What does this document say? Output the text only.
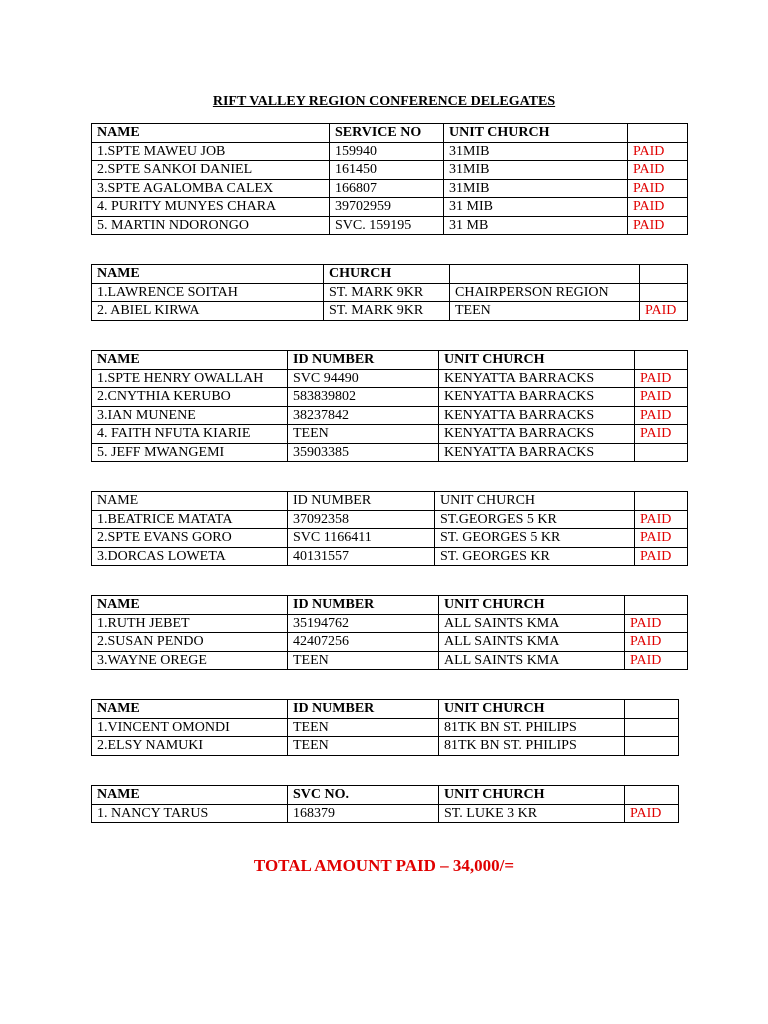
RIFT VALLEY REGION CONFERENCE DELEGATES
NAME	SERVICE NO	UNIT CHURCH	
1.SPTE MAWEU JOB	159940	31MIB	PAID
2.SPTE SANKOI DANIEL	161450	31MIB	PAID
3.SPTE AGALOMBA CALEX	166807	31MIB	PAID
4. PURITY MUNYES CHARA	39702959	31 MIB	PAID
5. MARTIN NDORONGO	SVC. 159195	31 MB	PAID
NAME	CHURCH		
1.LAWRENCE SOITAH	ST. MARK 9KR	CHAIRPERSON REGION	
2. ABIEL KIRWA	ST. MARK 9KR	TEEN	PAID
NAME	ID NUMBER	UNIT CHURCH	
1.SPTE HENRY OWALLAH	SVC 94490	KENYATTA BARRACKS	PAID
2.CNYTHIA KERUBO	583839802	KENYATTA BARRACKS	PAID
3.IAN MUNENE	38237842	KENYATTA BARRACKS	PAID
4. FAITH NFUTA KIARIE	TEEN	KENYATTA BARRACKS	PAID
5. JEFF MWANGEMI	35903385	KENYATTA BARRACKS	
NAME	ID NUMBER	UNIT CHURCH	
1.BEATRICE MATATA	37092358	ST.GEORGES 5 KR	PAID
2.SPTE EVANS GORO	SVC 1166411	ST. GEORGES 5 KR	PAID
3.DORCAS LOWETA	40131557	ST. GEORGES KR	PAID
NAME	ID NUMBER	UNIT CHURCH	
1.RUTH JEBET	35194762	ALL SAINTS KMA	PAID
2.SUSAN PENDO	42407256	ALL SAINTS KMA	PAID
3.WAYNE OREGE	TEEN	ALL SAINTS KMA	PAID
NAME	ID NUMBER	UNIT CHURCH	
1.VINCENT OMONDI	TEEN	81TK BN ST. PHILIPS	
2.ELSY NAMUKI	TEEN	81TK BN ST. PHILIPS	
NAME	SVC NO.	UNIT CHURCH	
1. NANCY TARUS	168379	ST. LUKE 3 KR	PAID
TOTAL AMOUNT PAID – 34,000/=
